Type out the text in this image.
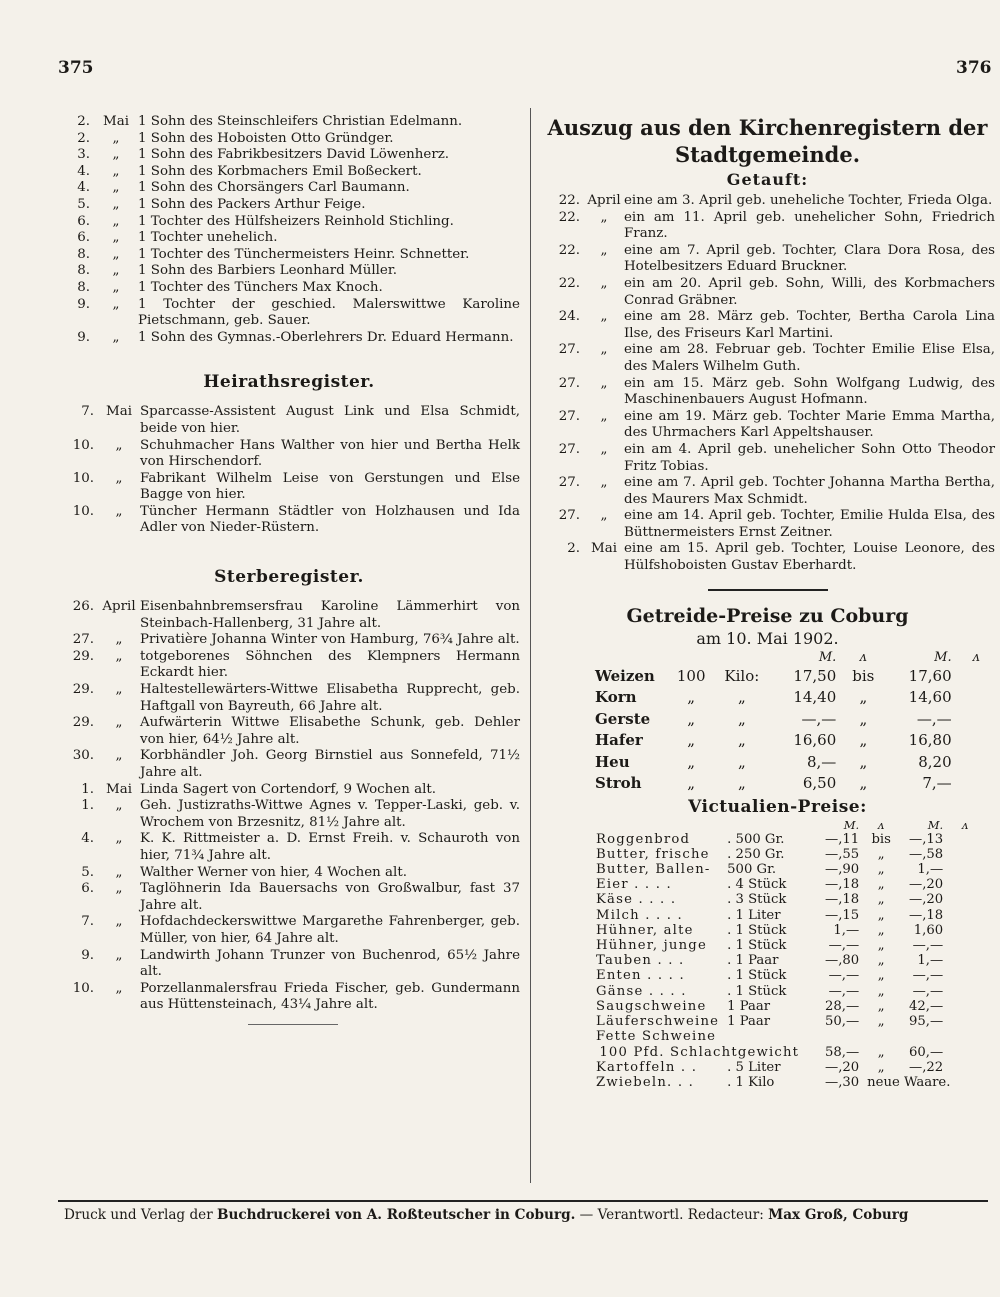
375	376
2. Mai 1 Sohn des Steinschleifers Christian Edelmann.
2.	„	1 Sohn des Hoboisten Otto Gründger.
3.	„	1 Sohn des Fabrikbesitzers David Löwenherz.
4.	„	1 Sohn des Korbmachers Emil Boßeckert.
4.	„	1 Sohn des Chorsängers Carl Baumann.
5.	„	1 Sohn des Packers Arthur Feige.
6.	„	1 Tochter des Hülfsheizers Reinhold Stichling.
6.	„	1 Tochter unehelich.
8.	„	1 Tochter des Tünchermeisters Heinr. Schnetter.
8.	„	1 Sohn des Barbiers Leonhard Müller.
8.	„	1 Tochter des Tünchers Max Knoch.
9.	„	1 Tochter der geschied. Malerswittwe Karoline Pietschmann, geb. Sauer.
9.	„	1 Sohn des Gymnas.-Oberlehrers Dr. Eduard Hermann.
Heirathsregister.
7. Mai Sparcasse-Assistent August Link und Elsa Schmidt, beide von hier.
10.	„	Schuhmacher Hans Walther von hier und Bertha Helk von Hirschendorf.
10.	„	Fabrikant Wilhelm Leise von Gerstungen und Else Bagge von hier.
10.	„	Tüncher Hermann Städtler von Holzhausen und Ida Adler von Nieder-Rüstern.
Sterberegister.
26. April Eisenbahnbremsersfrau Karoline Lämmerhirt von Steinbach-Hallenberg, 31 Jahre alt.
27.	„	Privatière Johanna Winter von Hamburg, 76¾ Jahre alt.
29.	„	totgeborenes Söhnchen des Klempners Hermann Eckardt hier.
29.	„	Haltestellewärters-Wittwe Elisabetha Rupprecht, geb. Haftgall von Bayreuth, 66 Jahre alt.
29.	„	Aufwärterin Wittwe Elisabethe Schunk, geb. Dehler von hier, 64½ Jahre alt.
30.	„	Korbhändler Joh. Georg Birnstiel aus Sonnefeld, 71½ Jahre alt.
1. Mai Linda Sagert von Cortendorf, 9 Wochen alt.
1.	„	Geh. Justizraths-Wittwe Agnes v. Tepper-Laski, geb. v. Wrochem von Brzesnitz, 81½ Jahre alt.
4.	„	K. K. Rittmeister a. D. Ernst Freih. v. Schauroth von hier, 71¾ Jahre alt.
5.	„	Walther Werner von hier, 4 Wochen alt.
6.	„	Taglöhnerin Ida Bauersachs von Großwalbur, fast 37 Jahre alt.
7.	„	Hofdachdeckerswittwe Margarethe Fahrenberger, geb. Müller, von hier, 64 Jahre alt.
9.	„	Landwirth Johann Trunzer von Buchenrod, 65½ Jahre alt.
10.	„	Porzellanmalersfrau Frieda Fischer, geb. Gundermann aus Hüttensteinach, 43¼ Jahre alt.
Auszug aus den Kirchenregistern der
Stadtgemeinde.
Getauft:
22. April eine am 3. April geb. uneheliche Tochter, Frieda Olga.
22.	„	ein am 11. April geb. unehelicher Sohn, Friedrich Franz.
22.	„	eine am 7. April geb. Tochter, Clara Dora Rosa, des Hotelbesitzers Eduard Bruckner.
22.	„	ein am 20. April geb. Sohn, Willi, des Korbmachers Conrad Gräbner.
24.	„	eine am 28. März geb. Tochter, Bertha Carola Lina Ilse, des Friseurs Karl Martini.
27.	„	eine am 28. Februar geb. Tochter Emilie Elise Elsa, des Malers Wilhelm Guth.
27.	„	ein am 15. März geb. Sohn Wolfgang Ludwig, des Maschinenbauers August Hofmann.
27.	„	eine am 19. März geb. Tochter Marie Emma Martha, des Uhrmachers Karl Appeltshauser.
27.	„	ein am 4. April geb. unehelicher Sohn Otto Theodor Fritz Tobias.
27.	„	eine am 7. April geb. Tochter Johanna Martha Bertha, des Maurers Max Schmidt.
27.	„	eine am 14. April geb. Tochter, Emilie Hulda Elsa, des Büttnermeisters Ernst Zeitner.
2. Mai eine am 15. April geb. Tochter, Louise Leonore, des Hülfshoboisten Gustav Eberhardt.
Getreide-Preise zu Coburg
am 10. Mai 1902.
			M.	ᴧ	M.	ᴧ
Weizen	100	Kilo:	17,50	bis	17,60	
Korn	„	„	14,40	„	14,60	
Gerste	„	„	—,—	„	—,—	
Hafer	„	„	16,60	„	16,80	
Heu	„	„	8,—	„	8,20	
Stroh	„	„	6,50	„	7,—	
Victualien-Preise:
		M.	ᴧ	M.	ᴧ
Roggenbrod	. 500 Gr.	—,11	bis	—,13	
Butter, frische	. 250 Gr.	—,55	„	—,58	
Butter, Ballen-	500 Gr.	—,90	„	1,—	
Eier . . . .	. 4 Stück	—,18	„	—,20	
Käse . . . .	. 3 Stück	—,18	„	—,20	
Milch . . . .	. 1 Liter	—,15	„	—,18	
Hühner, alte	. 1 Stück	1,—	„	1,60	
Hühner, junge	. 1 Stück	—,—	„	—,—	
Tauben . . .	. 1 Paar	—,80	„	1,—	
Enten . . . .	. 1 Stück	—,—	„	—,—	
Gänse . . . .	. 1 Stück	—,—	„	—,—	
Saugschweine	1 Paar	28,—	„	42,—	
Läuferschweine	1 Paar	50,—	„	95,—	
Fette Schweine					
100 Pfd. Schlachtgewicht		58,—	„	60,—	
Kartoffeln . .	. 5 Liter	—,20	„	—,22	
Zwiebeln. . .	. 1 Kilo	—,30	neue Waare.		
Druck und Verlag der Buchdruckerei von A. Roßteutscher in Coburg. — Verantwortl. Redacteur: Max Groß, Coburg
